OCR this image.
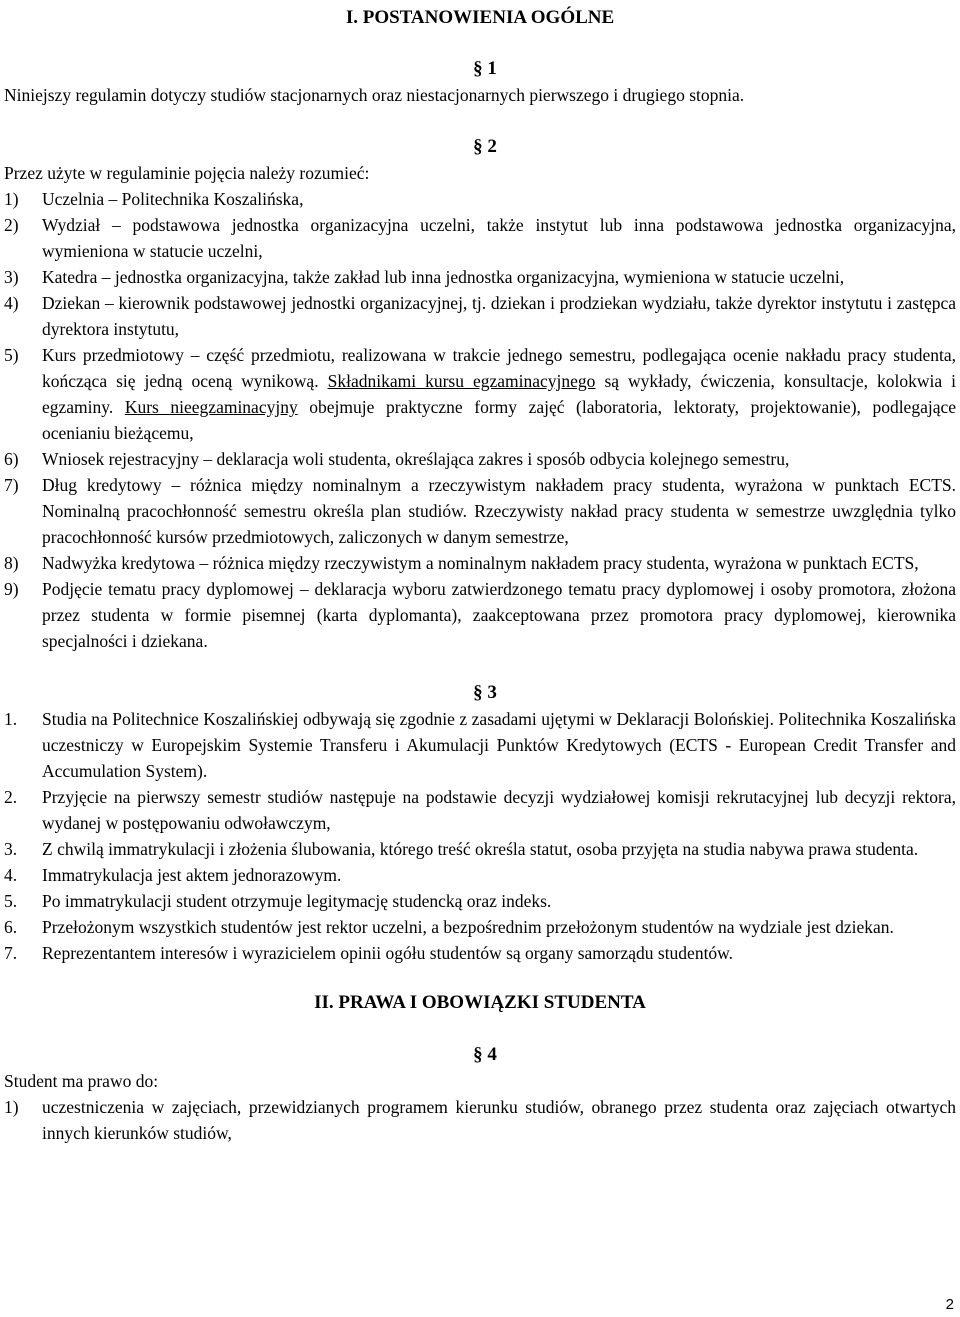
I. POSTANOWIENIA OGÓLNE
§ 1

Niniejszy regulamin dotyczy studiów stacjonarnych oraz niestacjonarnych pierwszego i drugiego stopnia.

§ 2

Przez użyte w regulaminie pojęcia należy rozumieć:

1)	Uczelnia – Politechnika Koszalińska,
2)	Wydział – podstawowa jednostka organizacyjna uczelni, także instytut lub inna podstawowa jednostka organizacyjna, wymieniona w statucie uczelni,
3)	Katedra – jednostka organizacyjna, także zakład lub inna jednostka organizacyjna, wymieniona w statucie uczelni,
4)	Dziekan – kierownik podstawowej jednostki organizacyjnej, tj. dziekan i prodziekan wydziału, także dyrektor instytutu i zastępca dyrektora instytutu,
5)	Kurs przedmiotowy – część przedmiotu, realizowana w trakcie jednego semestru, podlegająca ocenie nakładu pracy studenta, kończąca się jedną oceną wynikową. Składnikami kursu egzaminacyjnego są wykłady, ćwiczenia, konsultacje, kolokwia i egzaminy. Kurs nieegzaminacyjny obejmuje praktyczne formy zajęć (laboratoria, lektoraty, projektowanie), podlegające ocenianiu bieżącemu,
6)	Wniosek rejestracyjny – deklaracja woli studenta, określająca zakres i sposób odbycia kolejnego semestru,
7)	Dług kredytowy – różnica między nominalnym a rzeczywistym nakładem pracy studenta, wyrażona w punktach ECTS. Nominalną pracochłonność semestru określa plan studiów. Rzeczywisty nakład pracy studenta w semestrze uwzględnia tylko pracochłonność kursów przedmiotowych, zaliczonych w danym semestrze,
8)	Nadwyżka kredytowa – różnica między rzeczywistym a nominalnym nakładem pracy studenta, wyrażona w punktach ECTS,
9)	Podjęcie tematu pracy dyplomowej – deklaracja wyboru zatwierdzonego tematu pracy dyplomowej i osoby promotora, złożona przez studenta w formie pisemnej (karta dyplomanta), zaakceptowana przez promotora pracy dyplomowej, kierownika specjalności i dziekana.
§ 3
1.	Studia na Politechnice Koszalińskiej odbywają się zgodnie z zasadami ujętymi w Deklaracji Bolońskiej. Politechnika Koszalińska uczestniczy w Europejskim Systemie Transferu i Akumulacji Punktów Kredytowych (ECTS - European Credit Transfer and Accumulation System).
2.	Przyjęcie na pierwszy semestr studiów następuje na podstawie decyzji wydziałowej komisji rekrutacyjnej lub decyzji rektora, wydanej w postępowaniu odwoławczym,
3.	Z chwilą immatrykulacji i złożenia ślubowania, którego treść określa statut, osoba przyjęta na studia nabywa prawa studenta.
4.	Immatrykulacja jest aktem jednorazowym.
5.	Po immatrykulacji student otrzymuje legitymację studencką oraz indeks.
6.	Przełożonym wszystkich studentów jest rektor uczelni, a bezpośrednim przełożonym studentów na wydziale jest dziekan.
7.	Reprezentantem interesów i wyrazicielem opinii ogółu studentów są organy samorządu studentów.
II. PRAWA I OBOWIĄZKI STUDENTA
§ 4

Student ma prawo do:

1)	uczestniczenia w zajęciach, przewidzianych programem kierunku studiów, obranego przez studenta oraz zajęciach otwartych innych kierunków studiów,
2
